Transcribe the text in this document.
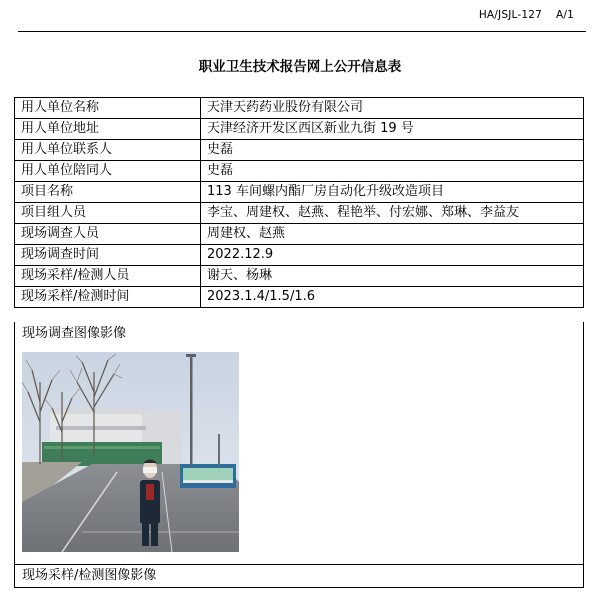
HA/JSJL-127 A/1
职业卫生技术报告网上公开信息表
用人单位名称	天津天药药业股份有限公司
用人单位地址	天津经济开发区西区新业九街 19 号
用人单位联系人	史磊
用人单位陪同人	史磊
项目名称	113 车间螺内酯厂房自动化升级改造项目
项目组人员	李宝、周建权、赵燕、程艳举、付宏娜、郑琳、李益友
现场调查人员	周建权、赵燕
现场调查时间	2022.12.9
现场采样/检测人员	谢天、杨琳
现场采样/检测时间	2023.1.4/1.5/1.6
现场调查图像影像
现场采样/检测图像影像
